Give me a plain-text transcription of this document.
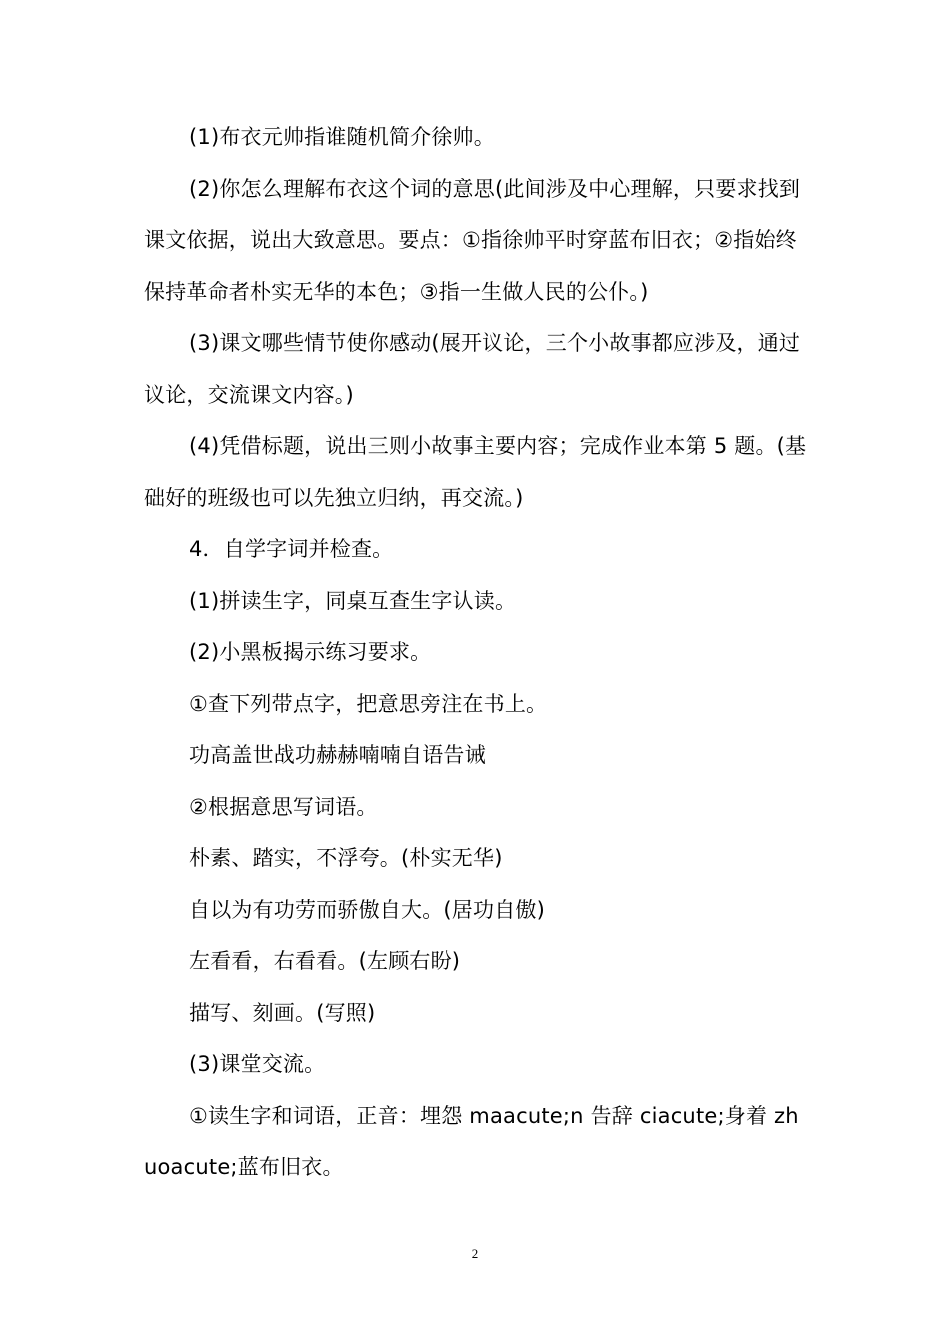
(1)布衣元帅指谁随机简介徐帅。

(2)你怎么理解布衣这个词的意思(此间涉及中心理解，只要求找到课文依据，说出大致意思。要点：①指徐帅平时穿蓝布旧衣；②指始终保持革命者朴实无华的本色；③指一生做人民的公仆。)

(3)课文哪些情节使你感动(展开议论，三个小故事都应涉及，通过议论，交流课文内容。)

(4)凭借标题，说出三则小故事主要内容；完成作业本第 5 题。(基础好的班级也可以先独立归纳，再交流。)

4．自学字词并检查。

(1)拼读生字，同桌互查生字认读。

(2)小黑板揭示练习要求。

①查下列带点字，把意思旁注在书上。

功高盖世战功赫赫喃喃自语告诫

②根据意思写词语。

朴素、踏实，不浮夸。(朴实无华)

自以为有功劳而骄傲自大。(居功自傲)

左看看，右看看。(左顾右盼)

描写、刻画。(写照)

(3)课堂交流。

①读生字和词语，正音：埋怨 maacute;n 告辞 ciacute;身着 zhuoacute;蓝布旧衣。

2
